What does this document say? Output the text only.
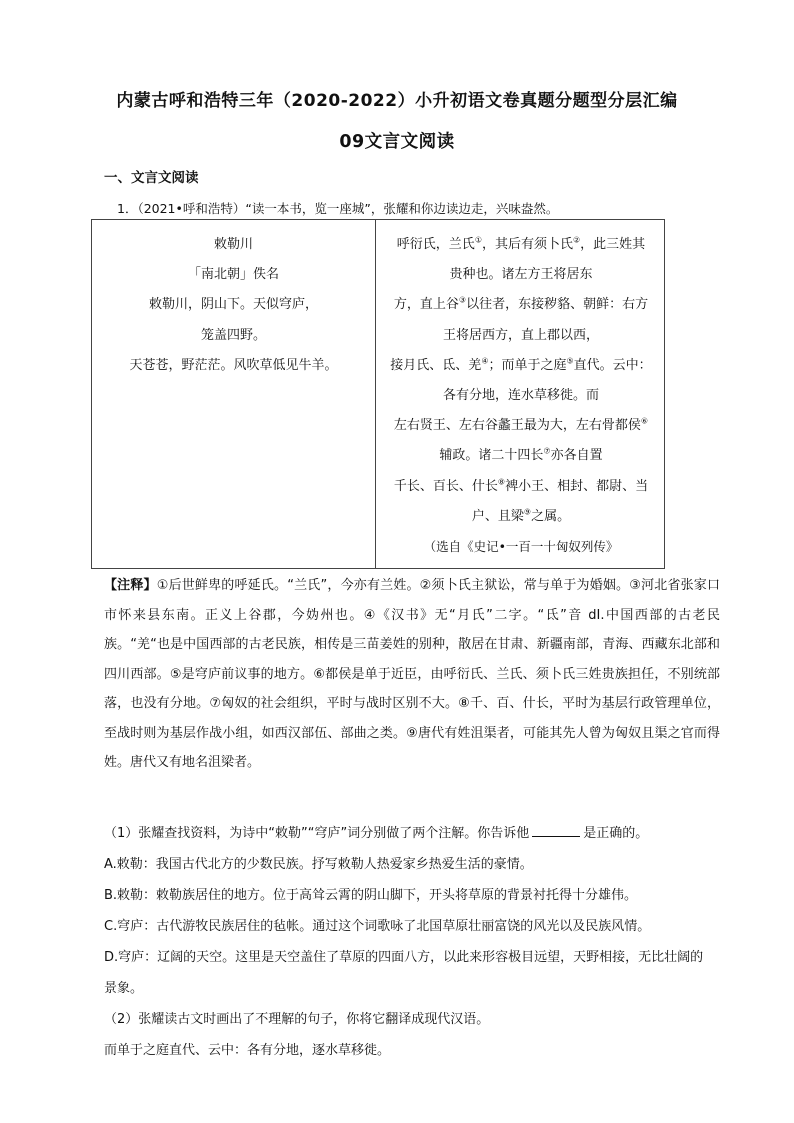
内蒙古呼和浩特三年（2020-2022）小升初语文卷真题分题型分层汇编
09文言文阅读
一、文言文阅读
1．（2021•呼和浩特）“读一本书，览一座城”，张耀和你边读边走，兴味盎然。
敕勒川
「南北朝」佚名
敕勒川，阴山下。天似穹庐，
笼盖四野。
天苍苍，野茫茫。风吹草低见牛羊。
呼衍氏，兰氏①，其后有须卜氏②，此三姓其
贵种也。诸左方王将居东
方，直上谷③以往者，东接秽貉、朝鲜：右方
王将居西方，直上郡以西，
接月氏、氐、羌④；而单于之庭⑤直代。云中：
各有分地，连水草移徙。而
左右贤王、左右谷蠡王最为大，左右骨都侯⑥
辅政。诸二十四长⑦亦各自置
千长、百长、什长⑧裨小王、相封、都尉、当
户、且梁⑨之属。
（选自《史记•一百一十匈奴列传》
【注释】①后世鲜卑的呼延氏。“兰氏”，今亦有兰姓。②须卜氏主狱讼，常与单于为婚姻。③河北省张家口市怀来县东南。正义上谷郡，今妫州也。④《汉书》无“月氏”二字。“氐”音 dI.中国西部的古老民族。“羌“也是中国西部的古老民族，相传是三苗姜姓的别种，散居在甘肃、新疆南部，青海、西藏东北部和四川西部。⑤是穹庐前议事的地方。⑥都侯是单于近臣，由呼衍氏、兰氏、须卜氏三姓贵族担任，不别统部落，也没有分地。⑦匈奴的社会组织，平时与战时区别不大。⑧千、百、什长，平时为基层行政管理单位，至战时则为基层作战小组，如西汉部伍、部曲之类。⑨唐代有姓沮渠者，可能其先人曾为匈奴且渠之官而得姓。唐代又有地名沮梁者。
（1）张耀查找资料，为诗中“敕勒”“穹庐”词分别做了两个注解。你告诉他	是正确的。
A.敕勒：我国古代北方的少数民族。抒写敕勒人热爱家乡热爱生活的豪情。
B.敕勒：敕勒族居住的地方。位于高耸云霄的阴山脚下，开头将草原的背景衬托得十分雄伟。
C.穹庐：古代游牧民族居住的毡帐。通过这个词歌咏了北国草原壮丽富饶的风光以及民族风情。
D.穹庐：辽阔的天空。这里是天空盖住了草原的四面八方，以此来形容极目远望，天野相接，无比壮阔的
景象。
（2）张耀读古文时画出了不理解的句子，你将它翻译成现代汉语。
而单于之庭直代、云中：各有分地，逐水草移徙。
